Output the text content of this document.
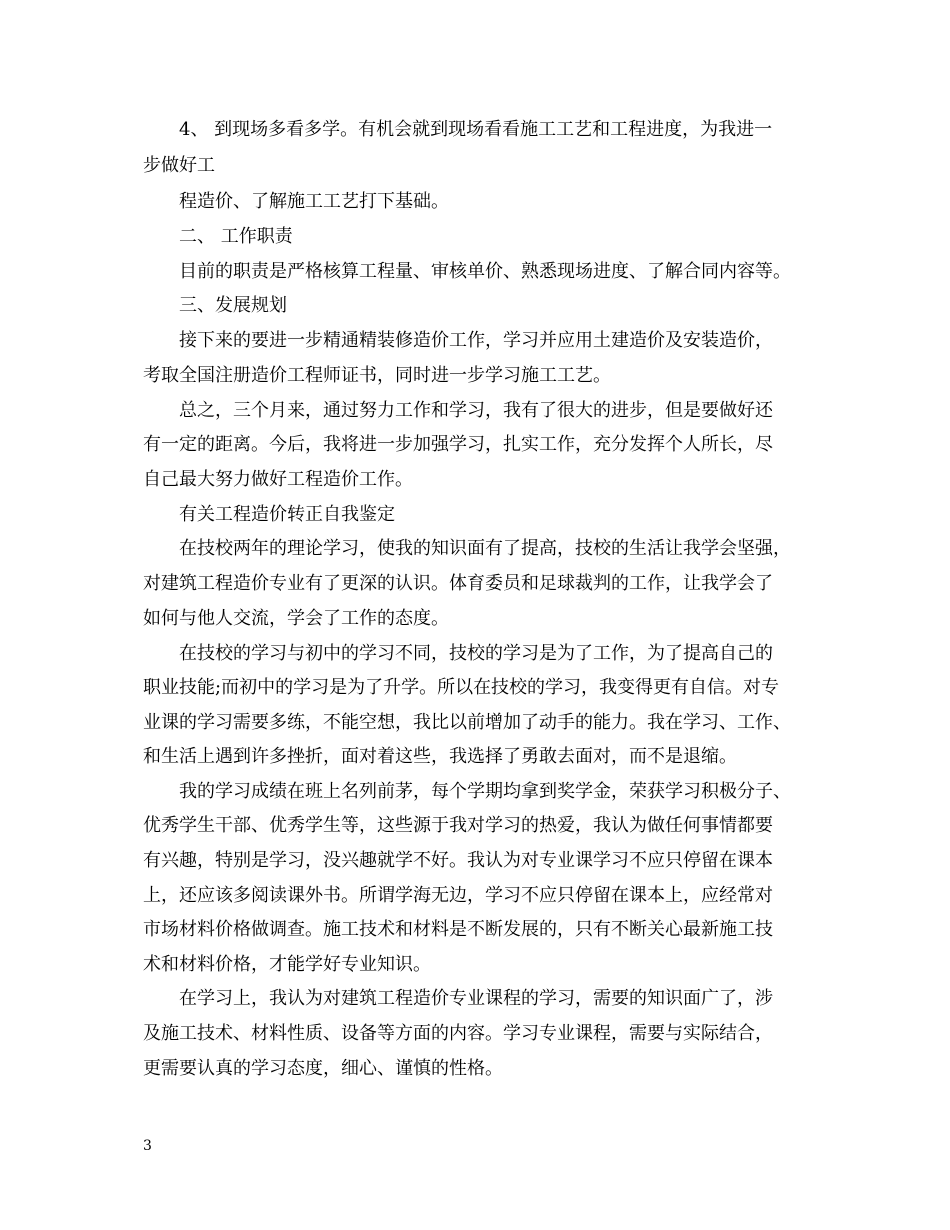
4、 到现场多看多学。有机会就到现场看看施工工艺和工程进度，为我进一
步做好工
程造价、了解施工工艺打下基础。
二、 工作职责
目前的职责是严格核算工程量、审核单价、熟悉现场进度、了解合同内容等。
三、发展规划
接下来的要进一步精通精装修造价工作，学习并应用土建造价及安装造价，
考取全国注册造价工程师证书，同时进一步学习施工工艺。
总之，三个月来，通过努力工作和学习，我有了很大的进步，但是要做好还
有一定的距离。今后，我将进一步加强学习，扎实工作，充分发挥个人所长，尽
自己最大努力做好工程造价工作。
有关工程造价转正自我鉴定
在技校两年的理论学习，使我的知识面有了提高，技校的生活让我学会坚强，
对建筑工程造价专业有了更深的认识。体育委员和足球裁判的工作，让我学会了
如何与他人交流，学会了工作的态度。
在技校的学习与初中的学习不同，技校的学习是为了工作，为了提高自己的
职业技能;而初中的学习是为了升学。所以在技校的学习，我变得更有自信。对专
业课的学习需要多练，不能空想，我比以前增加了动手的能力。我在学习、工作、
和生活上遇到许多挫折，面对着这些，我选择了勇敢去面对，而不是退缩。
我的学习成绩在班上名列前茅，每个学期均拿到奖学金，荣获学习积极分子、
优秀学生干部、优秀学生等，这些源于我对学习的热爱，我认为做任何事情都要
有兴趣，特别是学习，没兴趣就学不好。我认为对专业课学习不应只停留在课本
上，还应该多阅读课外书。所谓学海无边，学习不应只停留在课本上，应经常对
市场材料价格做调查。施工技术和材料是不断发展的，只有不断关心最新施工技
术和材料价格，才能学好专业知识。
在学习上，我认为对建筑工程造价专业课程的学习，需要的知识面广了，涉
及施工技术、材料性质、设备等方面的内容。学习专业课程，需要与实际结合，
更需要认真的学习态度，细心、谨慎的性格。
3
